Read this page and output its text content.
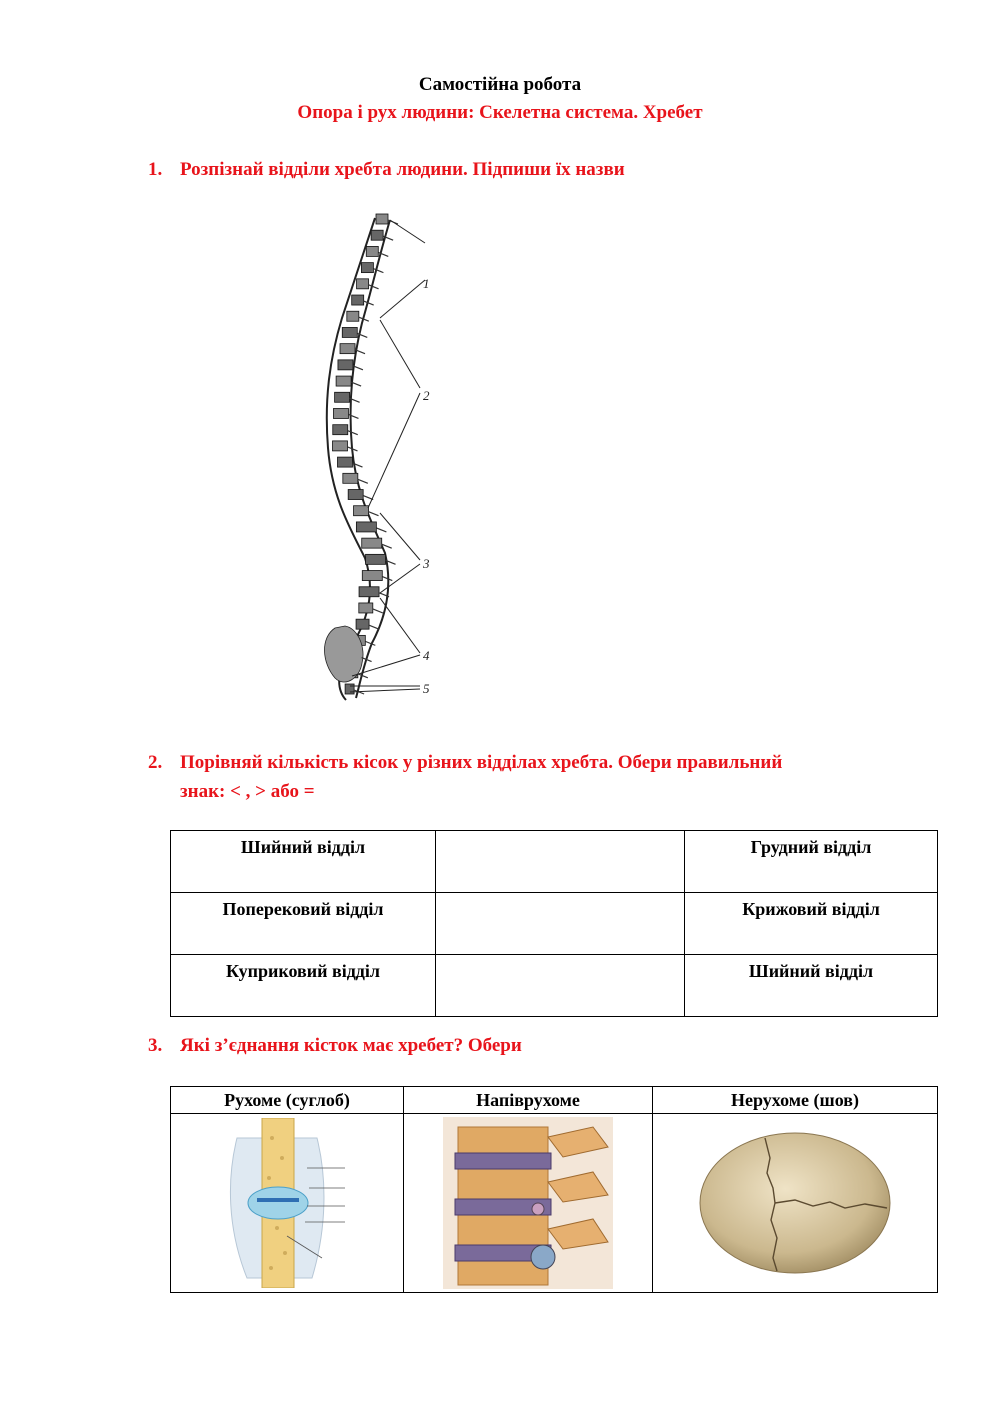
Самостійна робота
Опора і рух людини: Скелетна система. Хребет
1. Розпізнай відділи хребта людини. Підпиши їх назви
1
2
3
4
5
2. Порівняй кількість кісок у різних відділах хребта. Обери правильний
знак: < , > або =
Шийний відділ		Грудний відділ
Поперековий відділ		Крижовий відділ
Куприковий відділ		Шийний відділ
3. Які з’єднання кісток має хребет? Обери
Рухоме (суглоб)	Напіврухоме	Нерухоме (шов)
